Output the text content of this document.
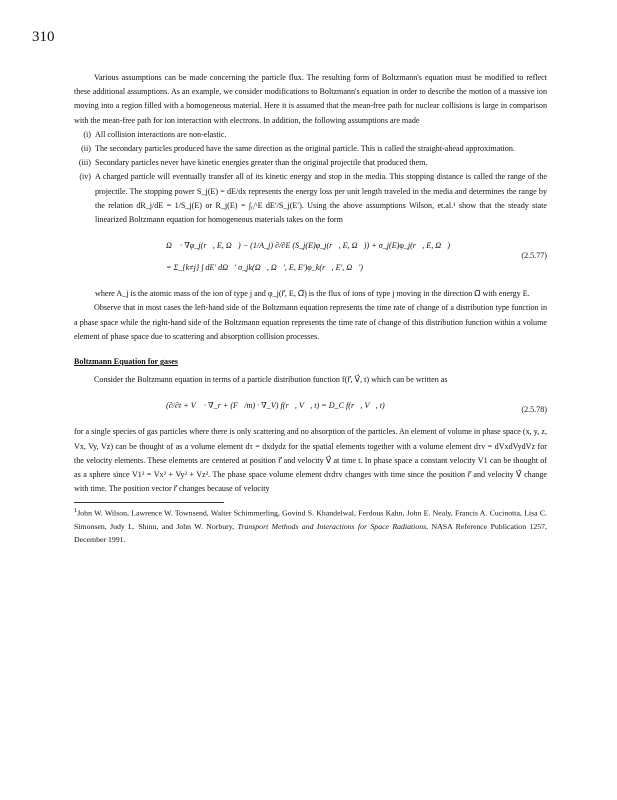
310

Various assumptions can be made concerning the particle flux. The resulting form of Boltzmann's equation must be modified to reflect these additional assumptions. As an example, we consider modifications to Boltzmann's equation in order to describe the motion of a massive ion moving into a region filled with a homogeneous material. Here it is assumed that the mean-free path for nuclear collisions is large in comparison with the mean-free path for ion interaction with electrons. In addition, the following assumptions are made

(i) All collision interactions are non-elastic.
(ii) The secondary particles produced have the same direction as the original particle. This is called the straight-ahead approximation.
(iii) Secondary particles never have kinetic energies greater than the original projectile that produced them.
(iv) A charged particle will eventually transfer all of its kinetic energy and stop in the media. This stopping distance is called the range of the projectile. The stopping power S_j(E) = dE/dx represents the energy loss per unit length traveled in the media and determines the range by the relation dR_j/dE = 1/S_j(E) or R_j(E) = ∫₀^E dE′/S_j(E′). Using the above assumptions Wilson, et.al.¹ show that the steady state linearized Boltzmann equation for homogeneous materials takes on the form
Ω⃗ · ∇φ_j(r⃗, E, Ω⃗) − (1/A_j) ∂/∂E (S_j(E)φ_j(r⃗, E, Ω⃗)) + σ_j(E)φ_j(r⃗, E, Ω⃗)
= Σ_{k≠j} ∫ dE′ dΩ⃗′ σ_jk(Ω⃗, Ω⃗′, E, E′)φ_k(r⃗, E′, Ω⃗′)
(2.5.77)
where A_j is the atomic mass of the ion of type j and φ_j(r⃗, E, Ω⃗) is the flux of ions of type j moving in the direction Ω⃗ with energy E.

Observe that in most cases the left-hand side of the Boltzmann equation represents the time rate of change of a distribution type function in a phase space while the right-hand side of the Boltzmann equation represents the time rate of change of this distribution function within a volume element of phase space due to scattering and absorption collision processes.

Boltzmann Equation for gases

Consider the Boltzmann equation in terms of a particle distribution function f(r⃗, V⃗, t) which can be written as

(∂/∂t + V⃗ · ∇_r + (F⃗/m) · ∇_V) f(r⃗, V⃗, t) = D_C f(r⃗, V⃗, t)	(2.5.78)

for a single species of gas particles where there is only scattering and no absorption of the particles. An element of volume in phase space (x, y, z, Vx, Vy, Vz) can be thought of as a volume element dτ = dxdydz for the spatial elements together with a volume element dτv = dVxdVydVz for the velocity elements. These elements are centered at position r⃗ and velocity V⃗ at time t. In phase space a constant velocity V1 can be thought of as a sphere since V1² = Vx² + Vy² + Vz². The phase space volume element dτdτv changes with time since the position r⃗ and velocity V⃗ change with time. The position vector r⃗ changes because of velocity

$^1$John W. Wilson, Lawrence W. Townsend, Walter Schimmerling, Govind S. Khandelwal, Ferdous Kahn, John E. Nealy, Francis A. Cucinotta, Lisa C. Simonsen, Judy L. Shinn, and John W. Norbury, Transport Methods and Interactions for Space Radiations, NASA Reference Publication 1257, December 1991.
